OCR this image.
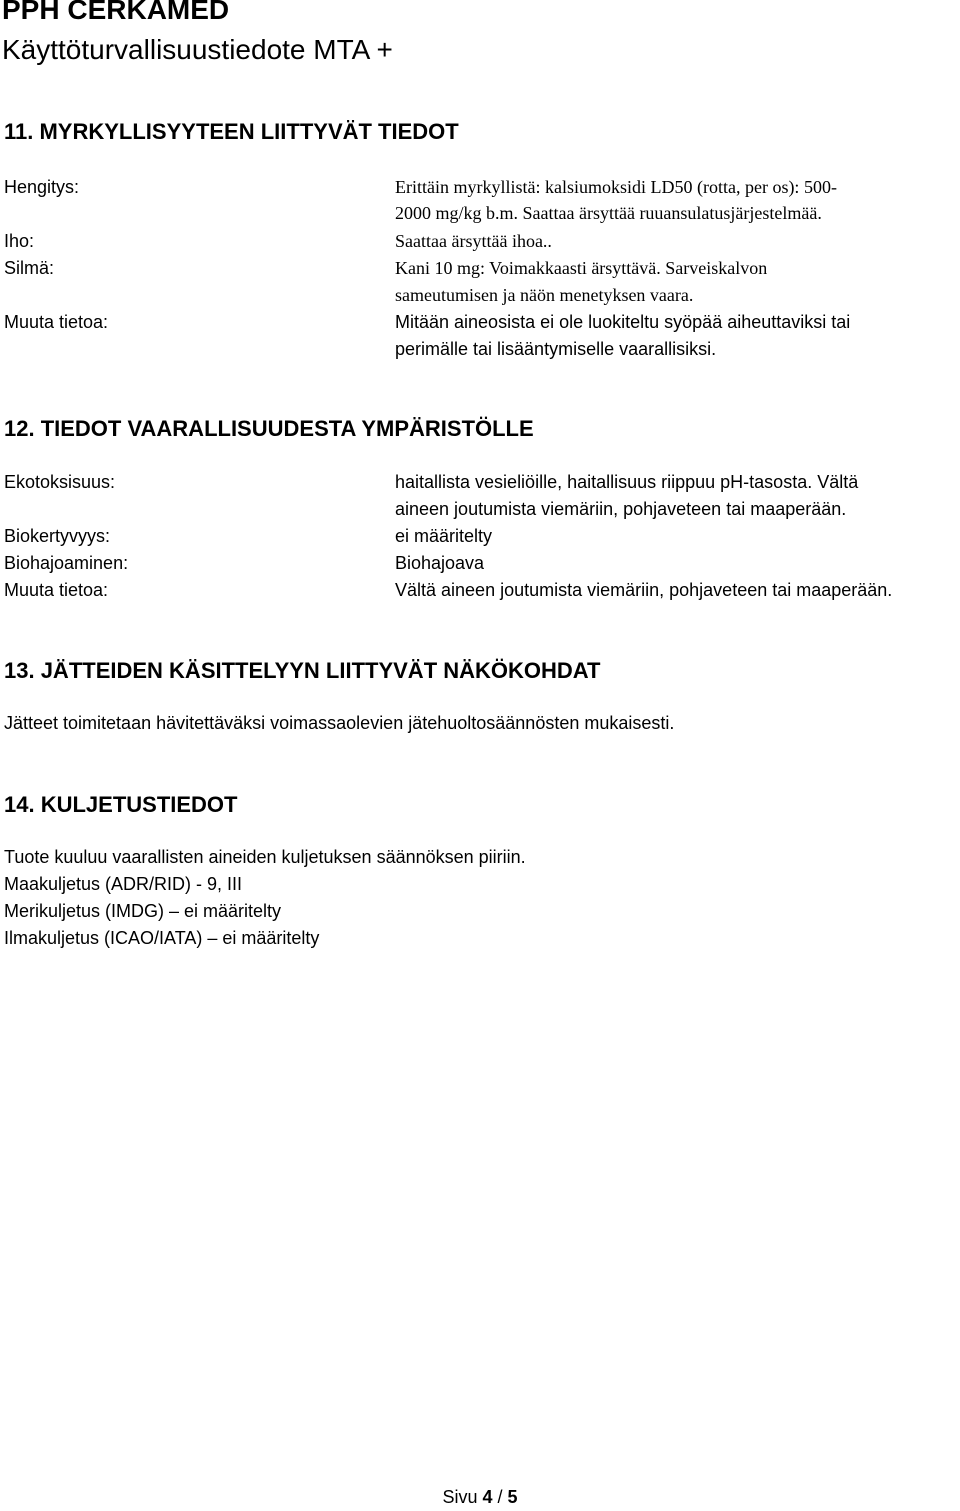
PPH CERKAMED
Käyttöturvallisuustiedote MTA +
11. MYRKYLLISYYTEEN LIITTYVÄT TIEDOT
Hengitys:	Erittäin myrkyllistä: kalsiumoksidi LD50 (rotta, per os): 500-
2000 mg/kg b.m. Saattaa ärsyttää ruuansulatusjärjestelmää.
Iho:	Saattaa ärsyttää ihoa..
Silmä:	Kani 10 mg: Voimakkaasti ärsyttävä. Sarveiskalvon
sameutumisen ja näön menetyksen vaara.
Muuta tietoa:	Mitään aineosista ei ole luokiteltu syöpää aiheuttaviksi tai
perimälle tai lisääntymiselle vaarallisiksi.
12. TIEDOT VAARALLISUUDESTA YMPÄRISTÖLLE
Ekotoksisuus:	haitallista vesieliöille, haitallisuus riippuu pH-tasosta. Vältä
aineen joutumista viemäriin, pohjaveteen tai maaperään.
Biokertyvyys:	ei määritelty
Biohajoaminen:	Biohajoava
Muuta tietoa:	Vältä aineen joutumista viemäriin, pohjaveteen tai maaperään.
13. JÄTTEIDEN KÄSITTELYYN LIITTYVÄT NÄKÖKOHDAT
Jätteet toimitetaan hävitettäväksi voimassaolevien jätehuoltosäännösten mukaisesti.
14. KULJETUSTIEDOT
Tuote kuuluu vaarallisten aineiden kuljetuksen säännöksen piiriin.
Maakuljetus (ADR/RID) - 9, III
Merikuljetus (IMDG) – ei määritelty
Ilmakuljetus (ICAO/IATA) – ei määritelty
Sivu 4 / 5
